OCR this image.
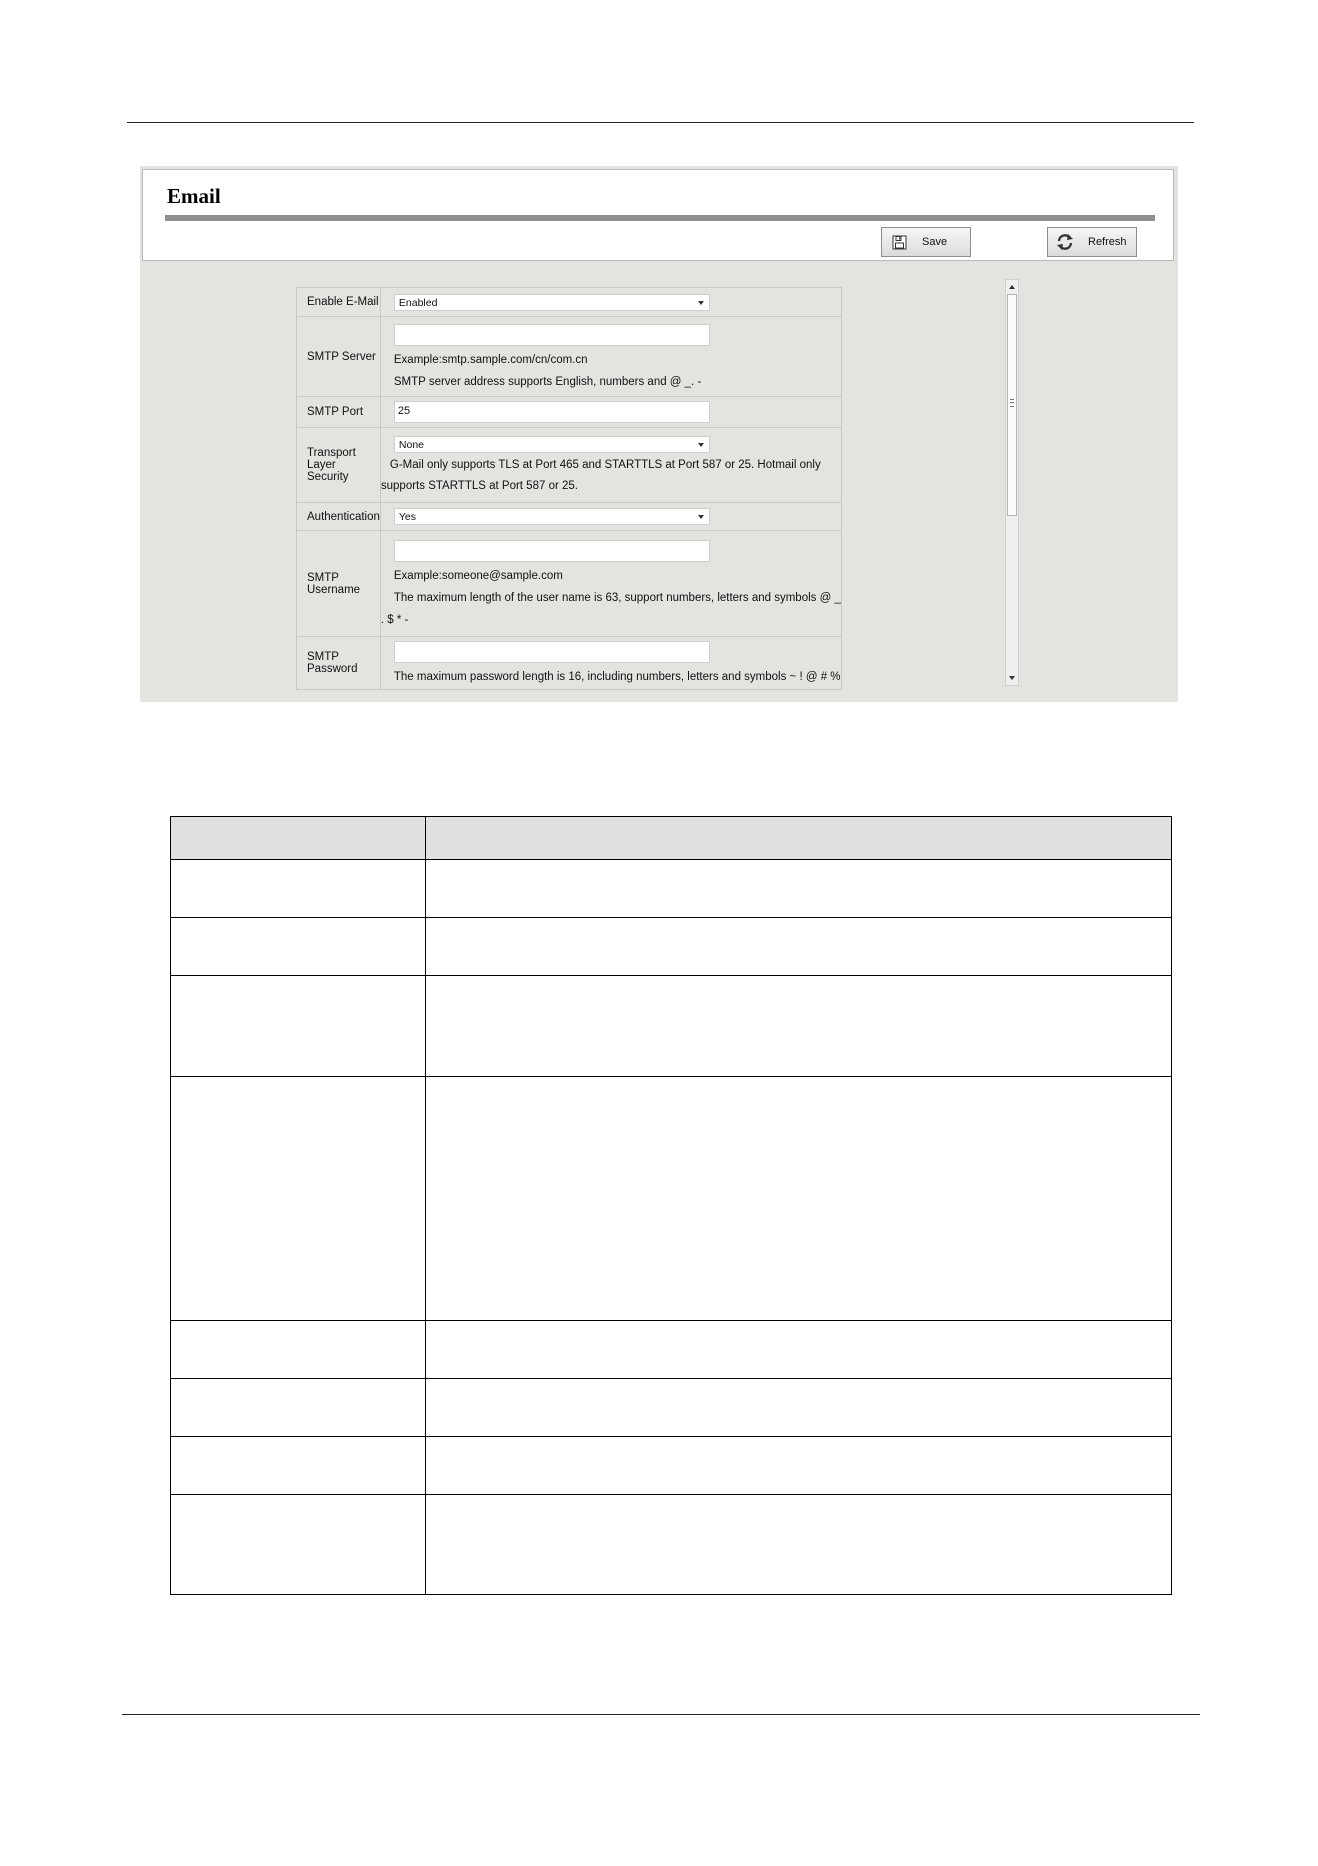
Email
Save	Refresh
Enable E-Mail	Enabled

SMTP Server	Example:smtp.sample.com/cn/com.cn
SMTP server address supports English, numbers and @ _. -

SMTP Port	25

Transport Layer Security	None
G-Mail only supports TLS at Port 465 and STARTTLS at Port 587 or 25. Hotmail only
supports STARTTLS at Port 587 or 25.

Authentication	Yes

SMTP Username	Example:someone@sample.com
The maximum length of the user name is 63, support numbers, letters and symbols @ _
. $ * -

SMTP Password	The maximum password length is 16, including numbers, letters and symbols ~ ! @ # %
